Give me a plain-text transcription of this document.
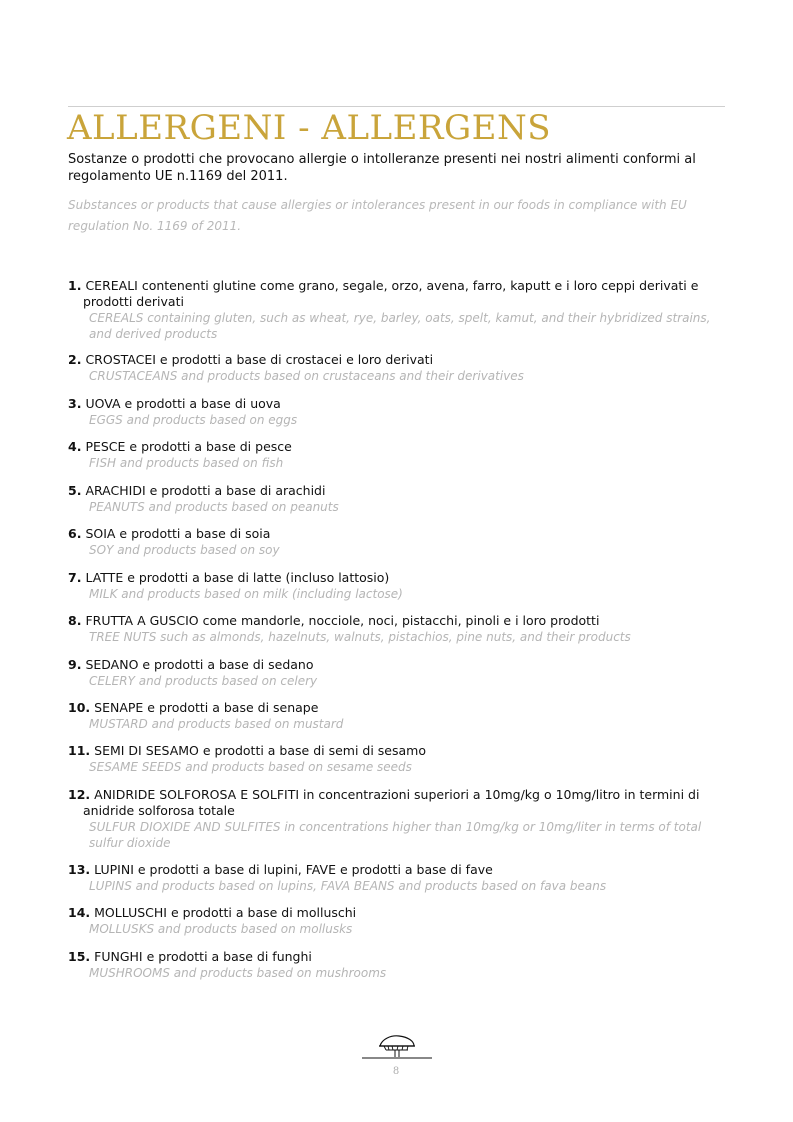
ALLERGENI - ALLERGENS
Sostanze o prodotti che provocano allergie o intolleranze presenti nei nostri alimenti conformi al regolamento UE n.1169 del 2011.
Substances or products that cause allergies or intolerances present in our foods in compliance with EU regulation No. 1169 of 2011.
1. CEREALI contenenti glutine come grano, segale, orzo, avena, farro, kaputt e i loro ceppi derivati e prodotti derivati
CEREALS containing gluten, such as wheat, rye, barley, oats, spelt, kamut, and their hybridized strains, and derived products
2. CROSTACEI e prodotti a base di crostacei e loro derivati
CRUSTACEANS and products based on crustaceans and their derivatives
3. UOVA e prodotti a base di uova
EGGS and products based on eggs
4. PESCE e prodotti a base di pesce
FISH and products based on fish
5. ARACHIDI e prodotti a base di arachidi
PEANUTS and products based on peanuts
6. SOIA e prodotti a base di soia
SOY and products based on soy
7. LATTE e prodotti a base di latte (incluso lattosio)
MILK and products based on milk (including lactose)
8. FRUTTA A GUSCIO come mandorle, nocciole, noci, pistacchi, pinoli e i loro prodotti
TREE NUTS such as almonds, hazelnuts, walnuts, pistachios, pine nuts, and their products
9. SEDANO e prodotti a base di sedano
CELERY and products based on celery
10. SENAPE e prodotti a base di senape
MUSTARD and products based on mustard
11. SEMI DI SESAMO e prodotti a base di semi di sesamo
SESAME SEEDS and products based on sesame seeds
12. ANIDRIDE SOLFOROSA E SOLFITI in concentrazioni superiori a 10mg/kg o 10mg/litro in termini di anidride solforosa totale
SULFUR DIOXIDE AND SULFITES in concentrations higher than 10mg/kg or 10mg/liter in terms of total sulfur dioxide
13. LUPINI e prodotti a base di lupini, FAVE e prodotti a base di fave
LUPINS and products based on lupins, FAVA BEANS and products based on fava beans
14. MOLLUSCHI e prodotti a base di molluschi
MOLLUSKS and products based on mollusks
15. FUNGHI e prodotti a base di funghi
MUSHROOMS and products based on mushrooms
8
